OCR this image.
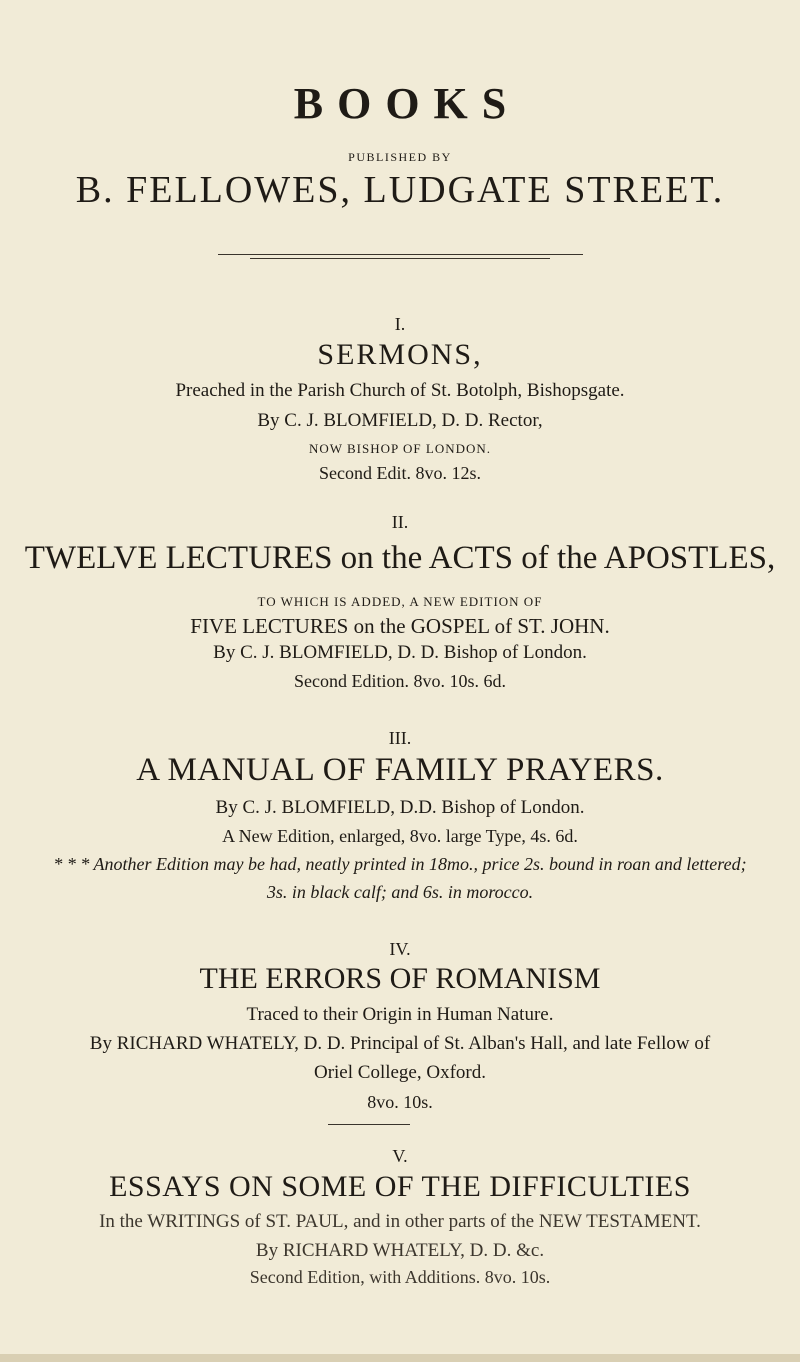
BOOKS
PUBLISHED BY
B. FELLOWES, LUDGATE STREET.
I.
SERMONS,
Preached in the Parish Church of St. Botolph, Bishopsgate.
By C. J. BLOMFIELD, D. D. Rector,
NOW BISHOP OF LONDON.
Second Edit. 8vo. 12s.
II.
TWELVE LECTURES on the ACTS of the APOSTLES,
TO WHICH IS ADDED, A NEW EDITION OF
FIVE LECTURES on the GOSPEL of ST. JOHN.
By C. J. BLOMFIELD, D. D. Bishop of London.
Second Edition. 8vo. 10s. 6d.
III.
A MANUAL OF FAMILY PRAYERS.
By C. J. BLOMFIELD, D.D. Bishop of London.
A New Edition, enlarged, 8vo. large Type, 4s. 6d.
* * * Another Edition may be had, neatly printed in 18mo., price 2s. bound in roan and lettered;
3s. in black calf; and 6s. in morocco.
IV.
THE ERRORS OF ROMANISM
Traced to their Origin in Human Nature.
By RICHARD WHATELY, D. D. Principal of St. Alban's Hall, and late Fellow of
Oriel College, Oxford.
8vo. 10s.
V.
ESSAYS ON SOME OF THE DIFFICULTIES
In the WRITINGS of ST. PAUL, and in other parts of the NEW TESTAMENT.
By RICHARD WHATELY, D. D. &c.
Second Edition, with Additions. 8vo. 10s.
